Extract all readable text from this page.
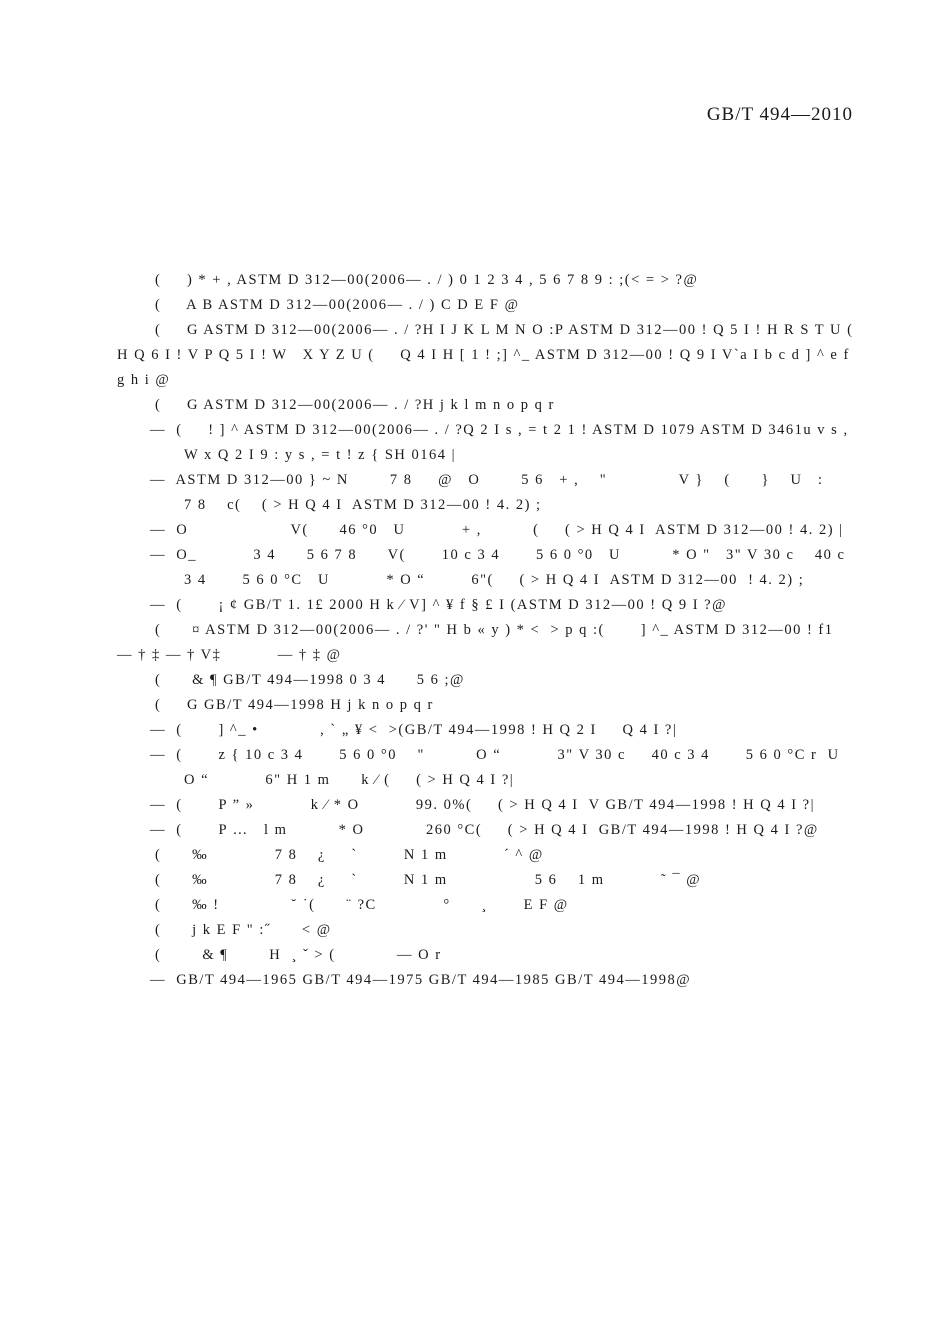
GB/T 494—2010

(     ) * + , ASTM D 312—00(2006— . / ) 0 1 2 3 4 , 5 6 7 8 9 : ;(< = > ?@

(     A B ASTM D 312—00(2006— . / ) C D E F @

(     G ASTM D 312—00(2006— . / ?H I J K L M N O :P ASTM D 312—00 ! Q 5 I ! H R S T U (     H Q 6 I ! V P Q 5 I ! W   X Y Z U (     Q 4 I H [ 1 ! ;] ^_ ASTM D 312—00 ! Q 9 I V`a I b c d ] ^ e f g h i @

(     G ASTM D 312—00(2006— . / ?H j k l m n o p q r

—  (     ! ] ^ ASTM D 312—00(2006— . / ?Q 2 I s , = t 2 1 ! ASTM D 1079 ASTM D 3461u v s ,     W x Q 2 I 9 : y s , = t ! z { SH 0164 |

—  ASTM D 312—00 } ~ N        7 8     @   O        5 6   + ,    "              V }    (      }    U   :          7 8    c(    ( > H Q 4 I  ASTM D 312—00 ! 4. 2) ;

—  O                    V(      46 °0   U           + ,          (     ( > H Q 4 I  ASTM D 312—00 ! 4. 2) |

—  O_           3 4      5 6 7 8      V(       10 c 3 4       5 6 0 °0   U          * O "   3" V 30 c    40 c 3 4       5 6 0 °C   U           * O “         6"(     ( > H Q 4 I  ASTM D 312—00  ! 4. 2) ;

—  (       ¡ ¢ GB/T 1. 1£ 2000 H k ⁄ V] ^ ¥ f § £ I (ASTM D 312—00 ! Q 9 I ?@

(      ¤ ASTM D 312—00(2006— . / ?' " H b « y ) * <  > p q :(       ] ^_ ASTM D 312—00 ! f1     — † ‡ — † V‡           — † ‡ @

(      & ¶ GB/T 494—1998 0 3 4      5 6 ;@

(     G GB/T 494—1998 H j k n o p q r

—  (       ] ^_ •            , ` „ ¥ <  >(GB/T 494—1998 ! H Q 2 I     Q 4 I ?|

—  (       z { 10 c 3 4       5 6 0 °0    "          O “           3" V 30 c     40 c 3 4       5 6 0 °C r  U           O “           6" H 1 m      k ⁄ (     ( > H Q 4 I ?|

—  (       P ” »           k ⁄ * O           99. 0%(     ( > H Q 4 I  V GB/T 494—1998 ! H Q 4 I ?|

—  (       P …   l m          * O            260 °C(     ( > H Q 4 I  GB/T 494—1998 ! H Q 4 I ?@

(      ‰             7 8    ¿     `         N 1 m           ´ ^ @

(      ‰             7 8    ¿     `         N 1 m                 5 6    1 m           ˜ ¯ @

(      ‰ !              ˘ ˙(      ¨ ?C             °      ¸       E F @

(      j k E F " :˝      < @

(        & ¶        H  ¸ ˇ > (            — O r

—  GB/T 494—1965 GB/T 494—1975 GB/T 494—1985 GB/T 494—1998@
